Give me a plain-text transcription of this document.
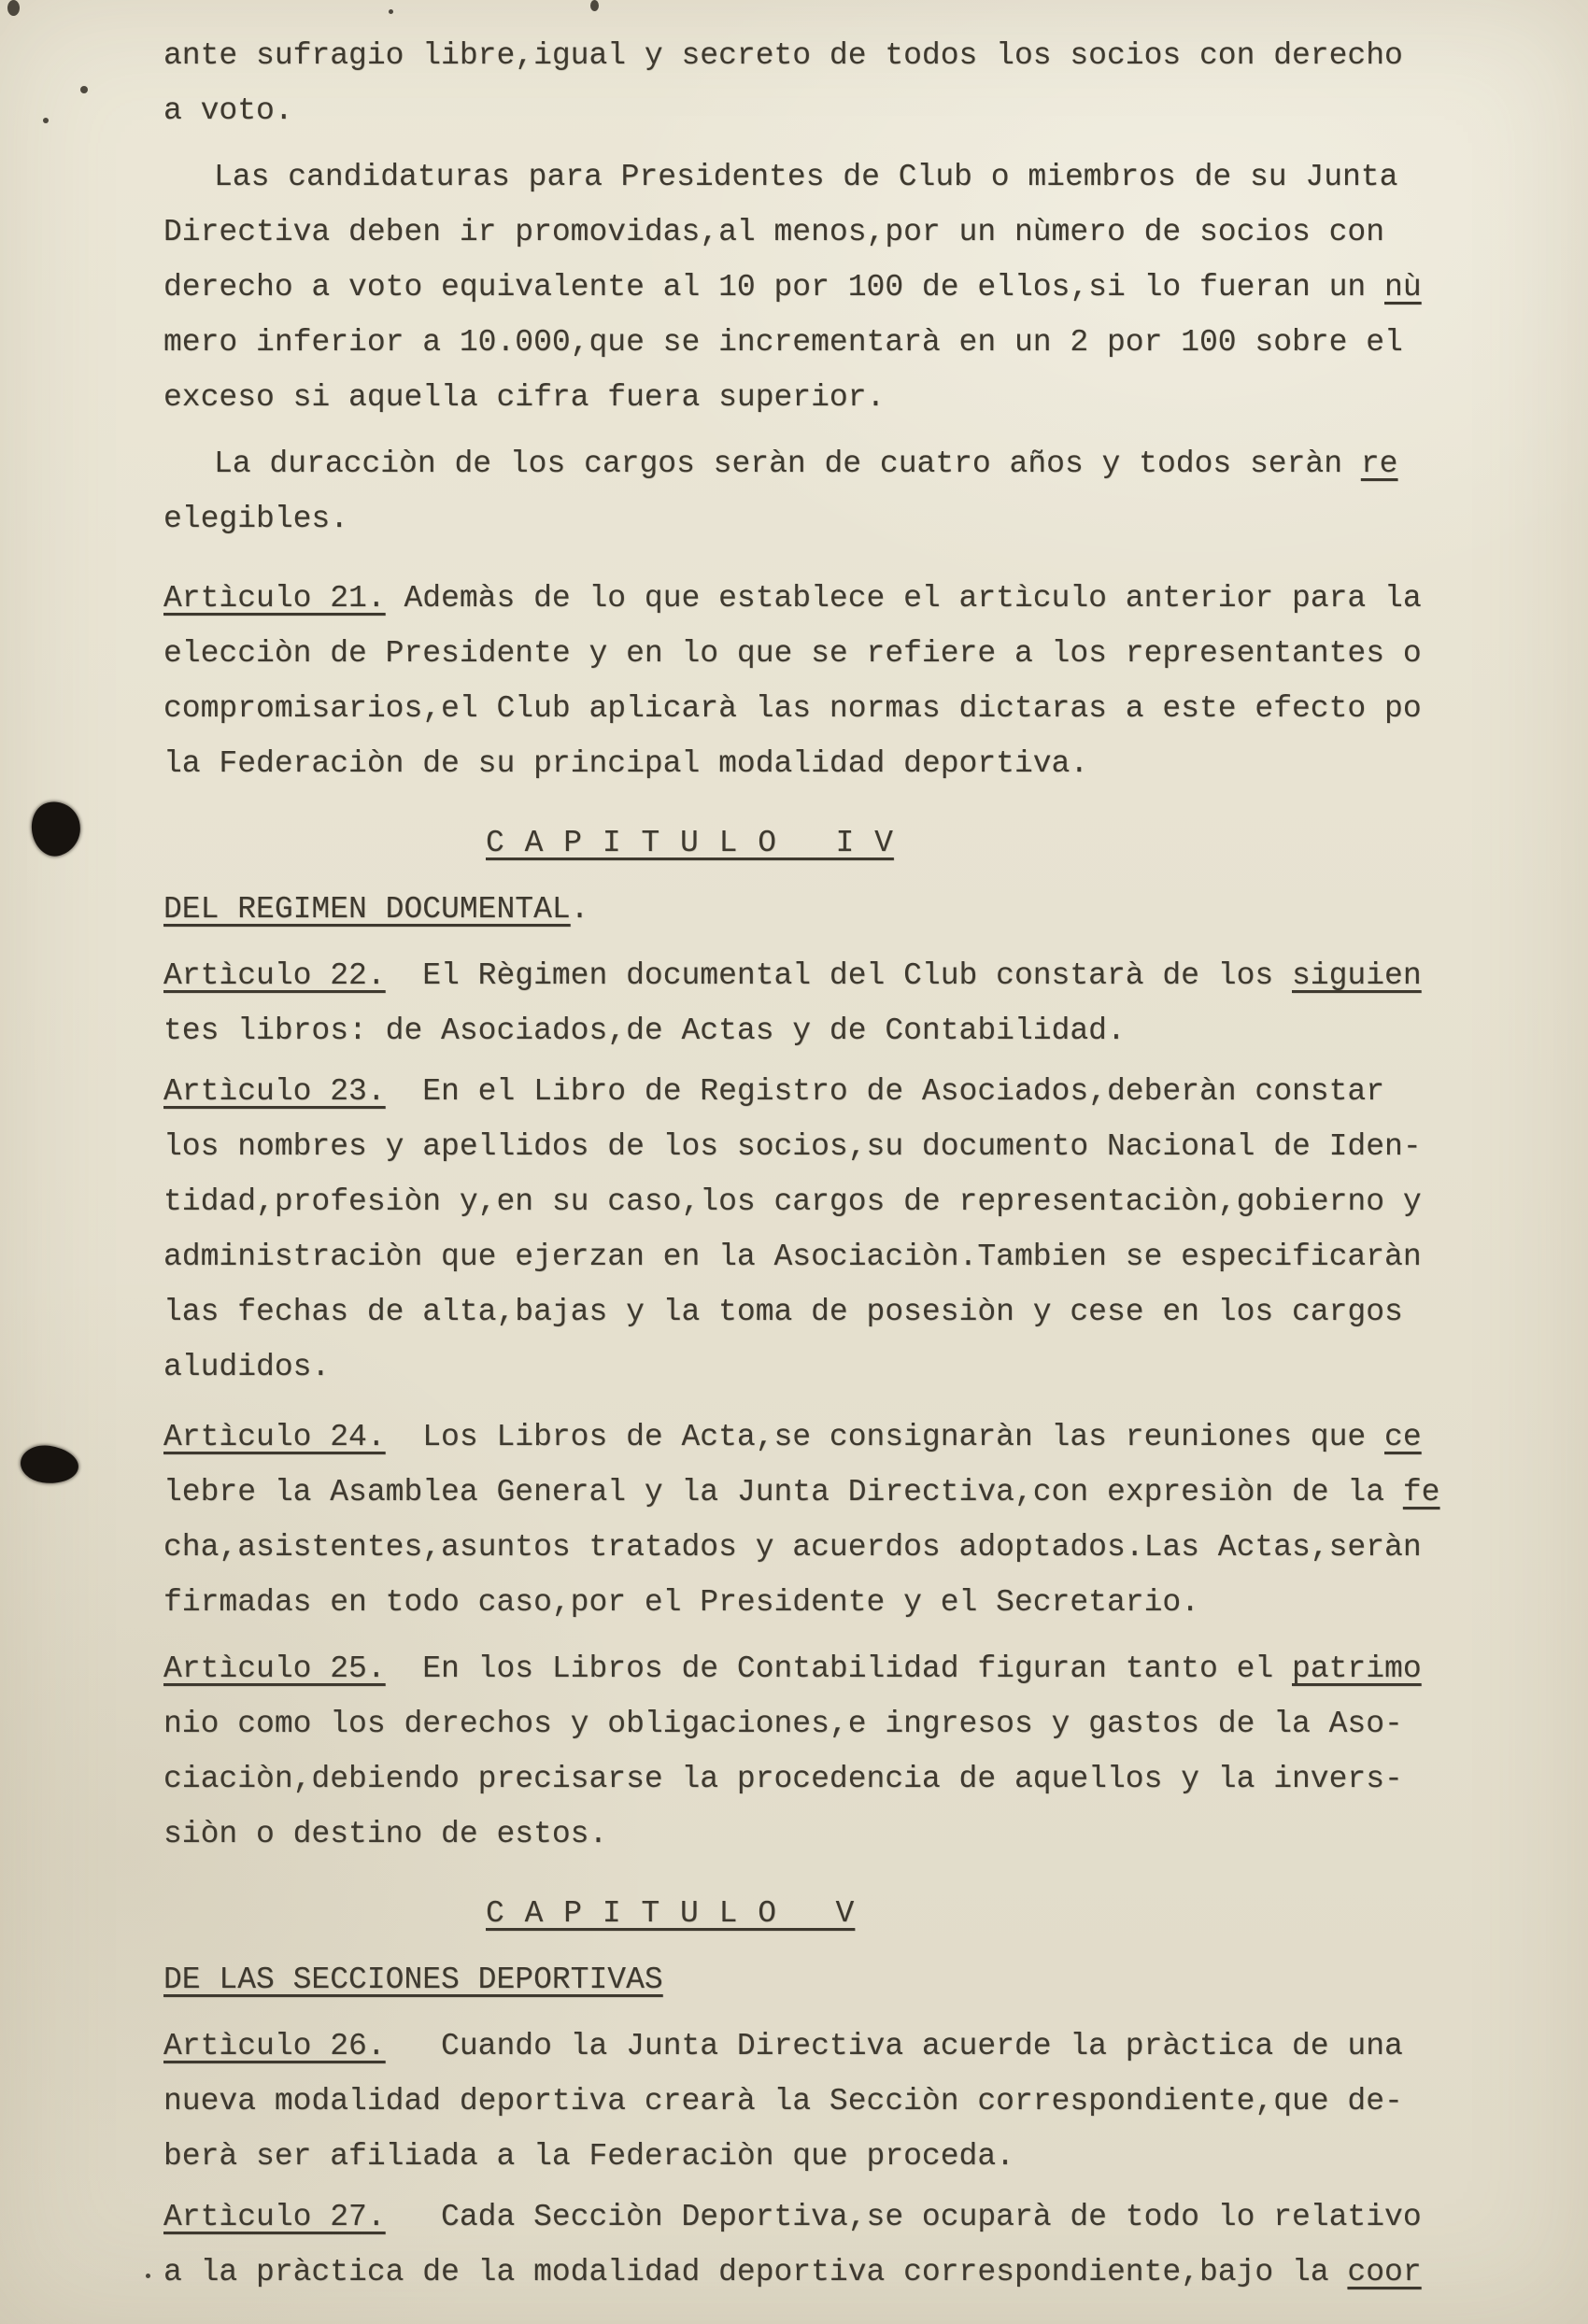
ante sufragio libre,igual y secreto de todos los socios con derecho
a voto.
Las candidaturas para Presidentes de Club o miembros de su Junta
Directiva deben ir promovidas,al menos,por un nùmero de socios con
derecho a voto equivalente al 10 por 100 de ellos,si lo fueran un nù
mero inferior a 10.000,que se incrementarà en un 2 por 100 sobre el
exceso si aquella cifra fuera superior.
La duracciòn de los cargos seràn de cuatro años y todos seràn re
elegibles.
Artìculo 21. Ademàs de lo que establece el artìculo anterior para la
elecciòn de Presidente y en lo que se refiere a los representantes o
compromisarios,el Club aplicarà las normas dictaras a este efecto po
la Federaciòn de su principal modalidad deportiva.
C A P I T U L O   I V
DEL REGIMEN DOCUMENTAL.
Artìculo 22.  El Règimen documental del Club constarà de los siguien
tes libros: de Asociados,de Actas y de Contabilidad.
Artìculo 23.  En el Libro de Registro de Asociados,deberàn constar
los nombres y apellidos de los socios,su documento Nacional de Iden-
tidad,profesiòn y,en su caso,los cargos de representaciòn,gobierno y
administraciòn que ejerzan en la Asociaciòn.Tambien se especificaràn
las fechas de alta,bajas y la toma de posesiòn y cese en los cargos
aludidos.
Artìculo 24.  Los Libros de Acta,se consignaràn las reuniones que ce
lebre la Asamblea General y la Junta Directiva,con expresiòn de la fe
cha,asistentes,asuntos tratados y acuerdos adoptados.Las Actas,seràn
firmadas en todo caso,por el Presidente y el Secretario.
Artìculo 25.  En los Libros de Contabilidad figuran tanto el patrimo
nio como los derechos y obligaciones,e ingresos y gastos de la Aso-
ciaciòn,debiendo precisarse la procedencia de aquellos y la invers-
siòn o destino de estos.
C A P I T U L O   V
DE LAS SECCIONES DEPORTIVAS
Artìculo 26.   Cuando la Junta Directiva acuerde la pràctica de una
nueva modalidad deportiva crearà la Secciòn correspondiente,que de-
berà ser afiliada a la Federaciòn que proceda.
Artìculo 27.   Cada Secciòn Deportiva,se ocuparà de todo lo relativo
a la pràctica de la modalidad deportiva correspondiente,bajo la coor
